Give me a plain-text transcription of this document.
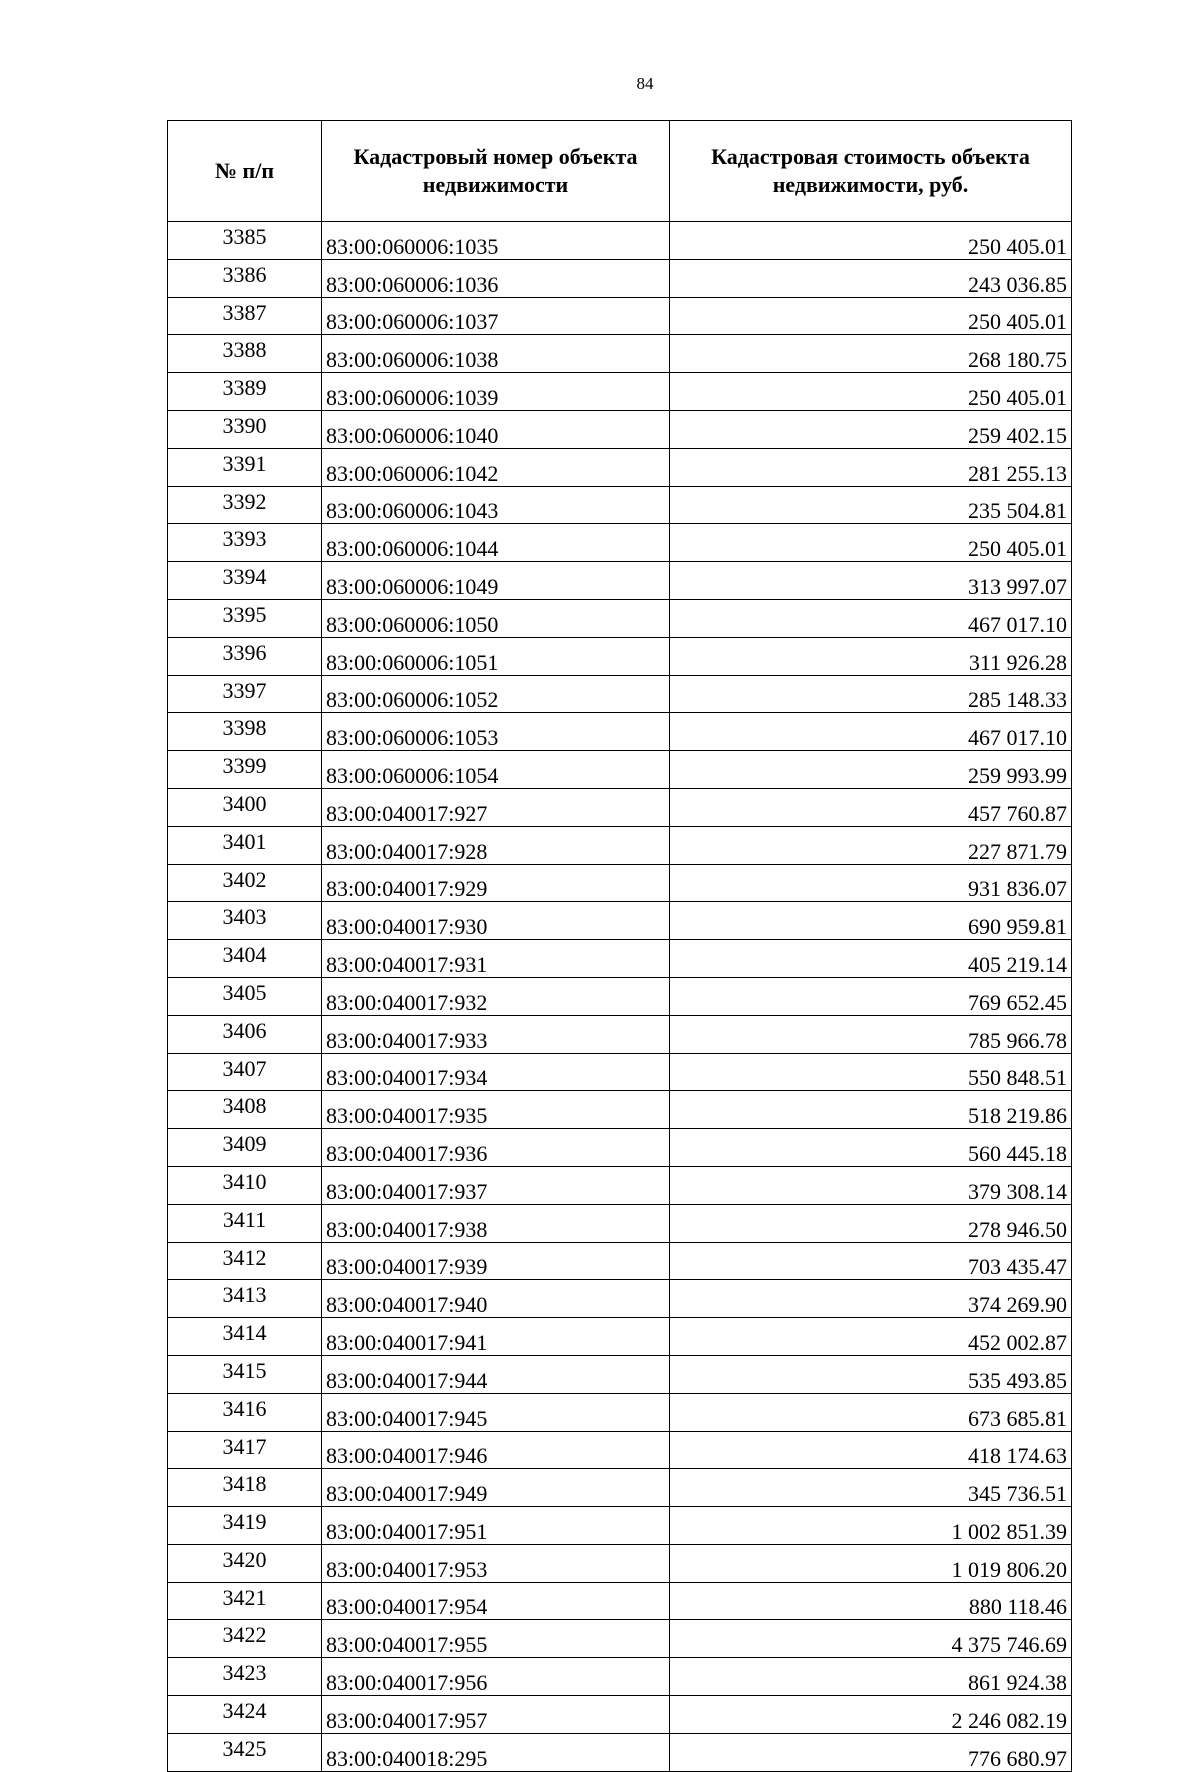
84
№ п/п	Кадастровый номер объекта недвижимости	Кадастровая стоимость объекта недвижимости, руб.
3385	83:00:060006:1035	250 405.01
3386	83:00:060006:1036	243 036.85
3387	83:00:060006:1037	250 405.01
3388	83:00:060006:1038	268 180.75
3389	83:00:060006:1039	250 405.01
3390	83:00:060006:1040	259 402.15
3391	83:00:060006:1042	281 255.13
3392	83:00:060006:1043	235 504.81
3393	83:00:060006:1044	250 405.01
3394	83:00:060006:1049	313 997.07
3395	83:00:060006:1050	467 017.10
3396	83:00:060006:1051	311 926.28
3397	83:00:060006:1052	285 148.33
3398	83:00:060006:1053	467 017.10
3399	83:00:060006:1054	259 993.99
3400	83:00:040017:927	457 760.87
3401	83:00:040017:928	227 871.79
3402	83:00:040017:929	931 836.07
3403	83:00:040017:930	690 959.81
3404	83:00:040017:931	405 219.14
3405	83:00:040017:932	769 652.45
3406	83:00:040017:933	785 966.78
3407	83:00:040017:934	550 848.51
3408	83:00:040017:935	518 219.86
3409	83:00:040017:936	560 445.18
3410	83:00:040017:937	379 308.14
3411	83:00:040017:938	278 946.50
3412	83:00:040017:939	703 435.47
3413	83:00:040017:940	374 269.90
3414	83:00:040017:941	452 002.87
3415	83:00:040017:944	535 493.85
3416	83:00:040017:945	673 685.81
3417	83:00:040017:946	418 174.63
3418	83:00:040017:949	345 736.51
3419	83:00:040017:951	1 002 851.39
3420	83:00:040017:953	1 019 806.20
3421	83:00:040017:954	880 118.46
3422	83:00:040017:955	4 375 746.69
3423	83:00:040017:956	861 924.38
3424	83:00:040017:957	2 246 082.19
3425	83:00:040018:295	776 680.97
